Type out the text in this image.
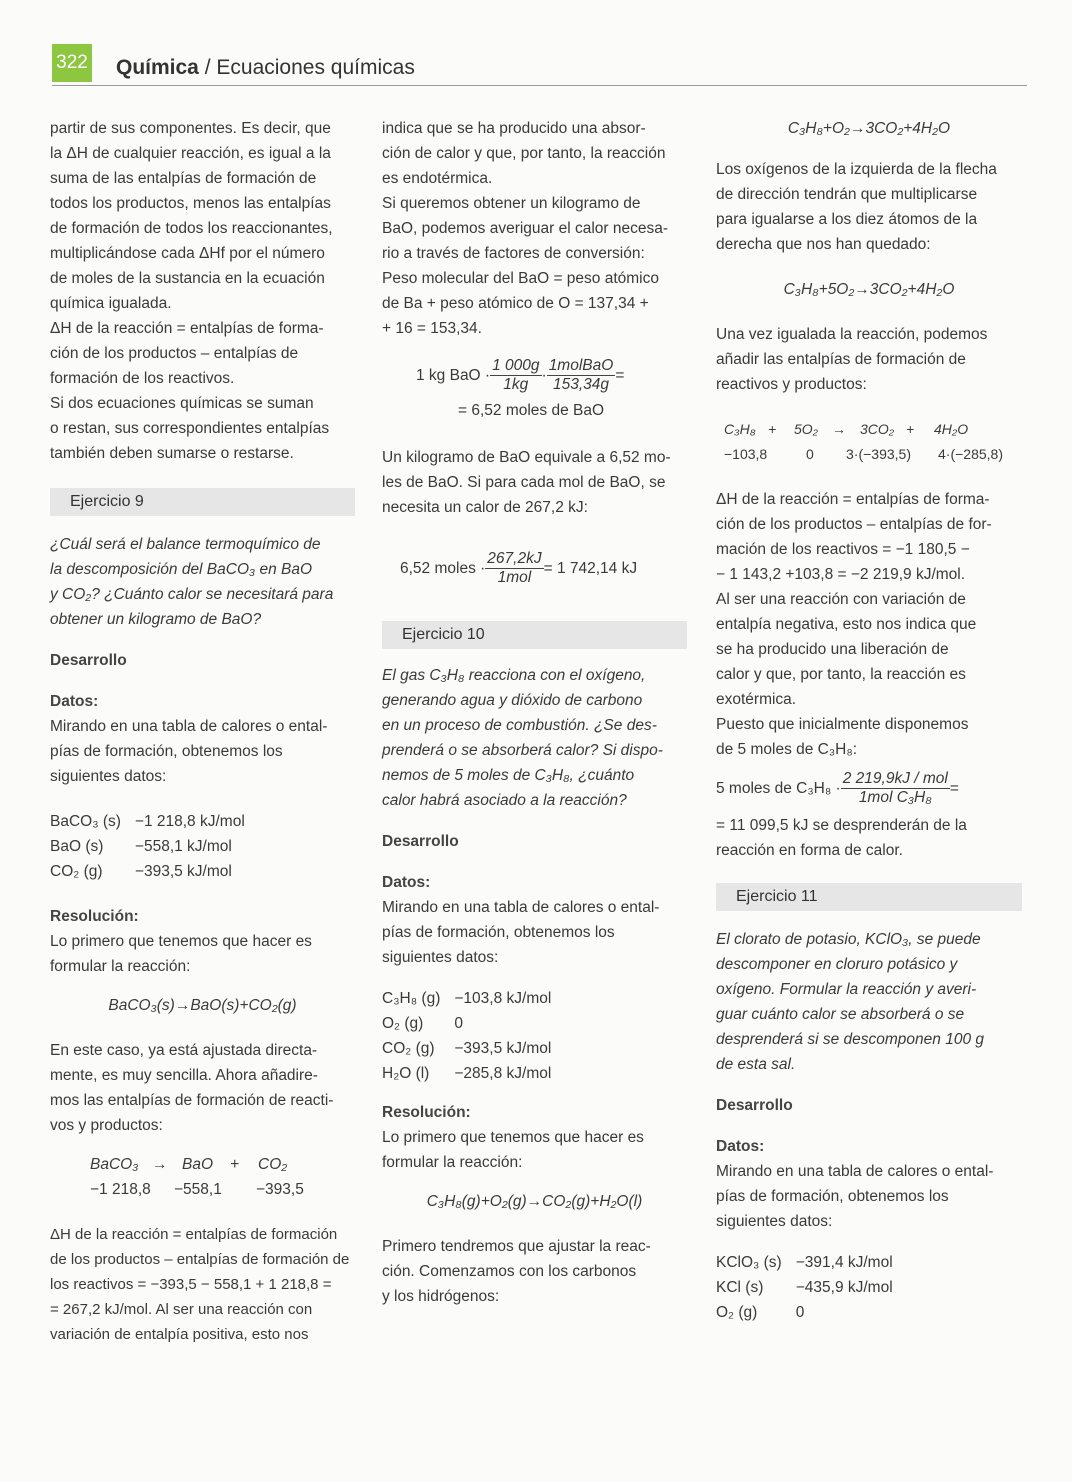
322 Química / Ecuaciones químicas

partir de sus componentes. Es decir, que

la ΔH de cualquier reacción, es igual a la

suma de las entalpías de formación de

todos los productos, menos las entalpías

de formación de todos los reaccionantes,

multiplicándose cada ΔHf por el número

de moles de la sustancia en la ecuación

química igualada.

ΔH de la reacción = entalpías de forma-

ción de los productos – entalpías de

formación de los reactivos.

Si dos ecuaciones químicas se suman

o restan, sus correspondientes entalpías

también deben sumarse o restarse.

Ejercicio 9

¿Cuál será el balance termoquímico de

la descomposición del BaCO₃ en BaO

y CO₂? ¿Cuánto calor se necesitará para

obtener un kilogramo de BaO?

Desarrollo
Datos:

Mirando en una tabla de calores o ental-

pías de formación, obtenemos los

siguientes datos:

BaCO₃ (s)	−1 218,8 kJ/mol
BaO (s)	−558,1 kJ/mol
CO₂ (g)	−393,5 kJ/mol
Resolución:

Lo primero que tenemos que hacer es

formular la reacción:

BaCO₃(s)→BaO(s)+CO₂(g)

En este caso, ya está ajustada directa-

mente, es muy sencilla. Ahora añadire-

mos las entalpías de formación de reacti-

vos y productos:

BaCO₃ → BaO + CO₂
−1 218,8 −558,1 −393,5

ΔH de la reacción = entalpías de formación

de los productos – entalpías de formación de

los reactivos = −393,5 − 558,1 + 1 218,8 =

= 267,2 kJ/mol. Al ser una reacción con

variación de entalpía positiva, esto nos

indica que se ha producido una absor-

ción de calor y que, por tanto, la reacción

es endotérmica.

Si queremos obtener un kilogramo de

BaO, podemos averiguar el calor necesa-

rio a través de factores de conversión:

Peso molecular del BaO = peso atómico

de Ba + peso atómico de O = 137,34 +

+ 16 = 153,34.

1 kg BaO · $\frac{1 000g}{1kg} \cdot \frac{\text{1molBaO}}{153,34g}$ =
= 6,52 moles de BaO

Un kilogramo de BaO equivale a 6,52 mo-

les de BaO. Si para cada mol de BaO, se

necesita un calor de 267,2 kJ:

6,52 moles · $\frac{267,2kJ}{\text{1mol}} = 1$ 742,14 kJ
Ejercicio 10

El gas C₃H₈ reacciona con el oxígeno,

generando agua y dióxido de carbono

en un proceso de combustión. ¿Se des-

prenderá o se absorberá calor? Si dispo-

nemos de 5 moles de C₃H₈, ¿cuánto

calor habrá asociado a la reacción?

Desarrollo
Datos:

Mirando en una tabla de calores o ental-

pías de formación, obtenemos los

siguientes datos:

C₃H₈ (g)	−103,8 kJ/mol
O₂ (g)	0
CO₂ (g)	−393,5 kJ/mol
H₂O (l)	−285,8 kJ/mol
Resolución:

Lo primero que tenemos que hacer es

formular la reacción:

C₃H₈(g)+O₂(g)→CO₂(g)+H₂O(l)

Primero tendremos que ajustar la reac-

ción. Comenzamos con los carbonos

y los hidrógenos:

C₃H₈+O₂→3CO₂+4H₂O

Los oxígenos de la izquierda de la flecha

de dirección tendrán que multiplicarse

para igualarse a los diez átomos de la

derecha que nos han quedado:

C₃H₈+5O₂→3CO₂+4H₂O

Una vez igualada la reacción, podemos

añadir las entalpías de formación de

reactivos y productos:

C₃H₈ + 5O₂ → 3CO₂ + 4H₂O
−103,8	0 3·(−393,5) 4·(−285,8)

ΔH de la reacción = entalpías de forma-

ción de los productos – entalpías de for-

mación de los reactivos = −1 180,5 −

− 1 143,2 +103,8 = −2 219,9 kJ/mol.

Al ser una reacción con variación de

entalpía negativa, esto nos indica que

se ha producido una liberación de

calor y que, por tanto, la reacción es

exotérmica.

Puesto que inicialmente disponemos

de 5 moles de C₃H₈:

5 moles de $C_3H_8 \cdot \frac{\text{2 219,9kJ / mol}}{\text{1mol C₃H₈}}$ =

= 11 099,5 kJ se desprenderán de la

reacción en forma de calor.

Ejercicio 11

El clorato de potasio, KClO₃, se puede

descomponer en cloruro potásico y

oxígeno. Formular la reacción y averi-

guar cuánto calor se absorberá o se

desprenderá si se descomponen 100 g

de esta sal.

Desarrollo
Datos:

Mirando en una tabla de calores o ental-

pías de formación, obtenemos los

siguientes datos:

KClO₃ (s)	−391,4 kJ/mol
KCl (s)	−435,9 kJ/mol
O₂ (g)	0
